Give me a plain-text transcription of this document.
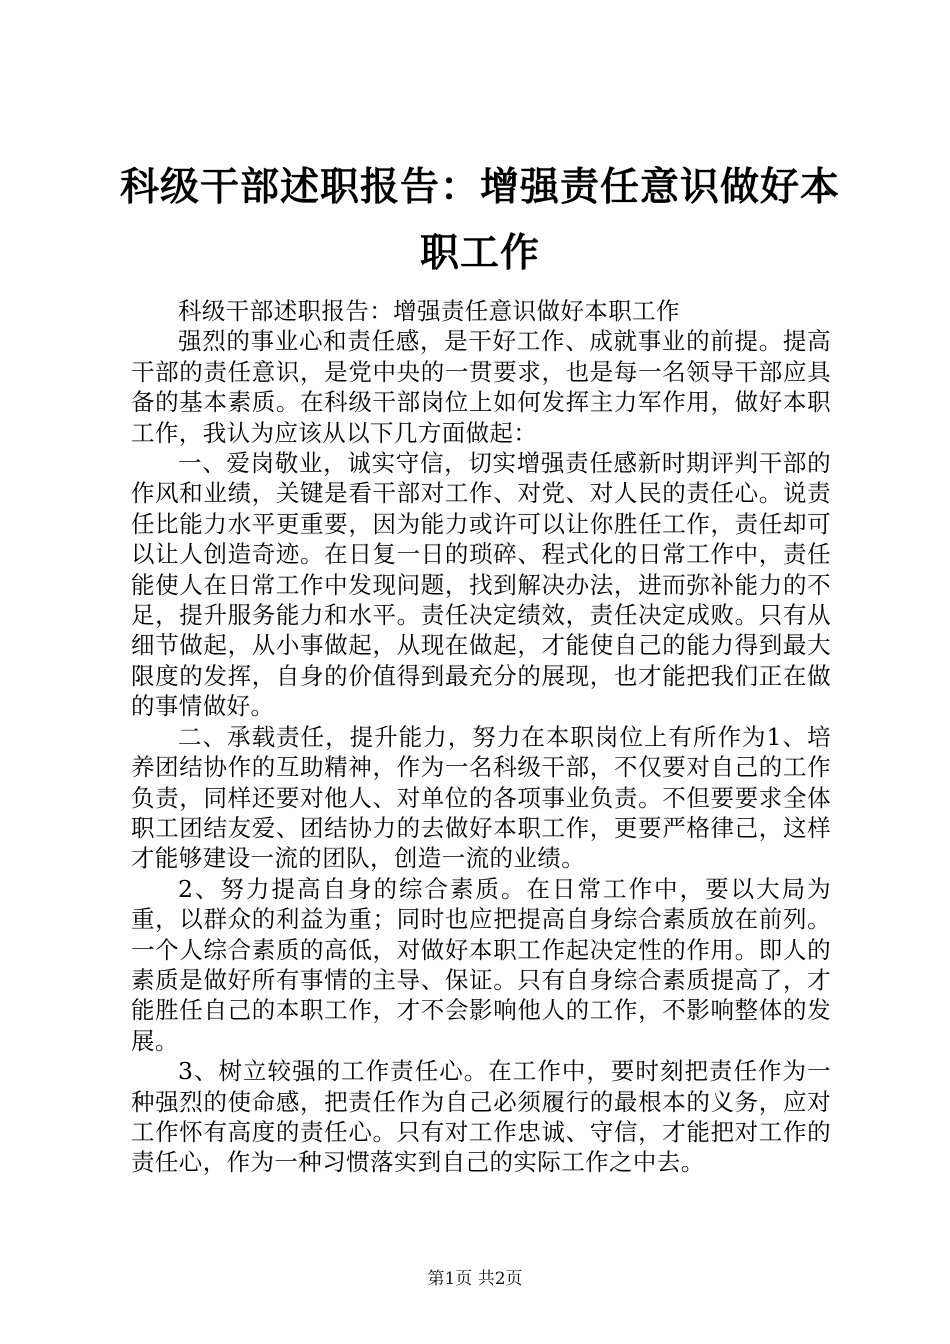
科级干部述职报告：增强责任意识做好本职工作

科级干部述职报告：增强责任意识做好本职工作

强烈的事业心和责任感，是干好工作、成就事业的前提。提高干部的责任意识，是党中央的一贯要求，也是每一名领导干部应具备的基本素质。在科级干部岗位上如何发挥主力军作用，做好本职工作，我认为应该从以下几方面做起：

一、爱岗敬业，诚实守信，切实增强责任感新时期评判干部的作风和业绩，关键是看干部对工作、对党、对人民的责任心。说责任比能力水平更重要，因为能力或许可以让你胜任工作，责任却可以让人创造奇迹。在日复一日的琐碎、程式化的日常工作中，责任能使人在日常工作中发现问题，找到解决办法，进而弥补能力的不足，提升服务能力和水平。责任决定绩效，责任决定成败。只有从细节做起，从小事做起，从现在做起，才能使自己的能力得到最大限度的发挥，自身的价值得到最充分的展现，也才能把我们正在做的事情做好。

二、承载责任，提升能力，努力在本职岗位上有所作为1、培养团结协作的互助精神，作为一名科级干部，不仅要对自己的工作负责，同样还要对他人、对单位的各项事业负责。不但要要求全体职工团结友爱、团结协力的去做好本职工作，更要严格律己，这样才能够建设一流的团队，创造一流的业绩。

2、努力提高自身的综合素质。在日常工作中，要以大局为重，以群众的利益为重；同时也应把提高自身综合素质放在前列。一个人综合素质的高低，对做好本职工作起决定性的作用。即人的素质是做好所有事情的主导、保证。只有自身综合素质提高了，才能胜任自己的本职工作，才不会影响他人的工作，不影响整体的发展。

3、树立较强的工作责任心。在工作中，要时刻把责任作为一种强烈的使命感，把责任作为自己必须履行的最根本的义务，应对工作怀有高度的责任心。只有对工作忠诚、守信，才能把对工作的责任心，作为一种习惯落实到自己的实际工作之中去。

第1页 共2页
